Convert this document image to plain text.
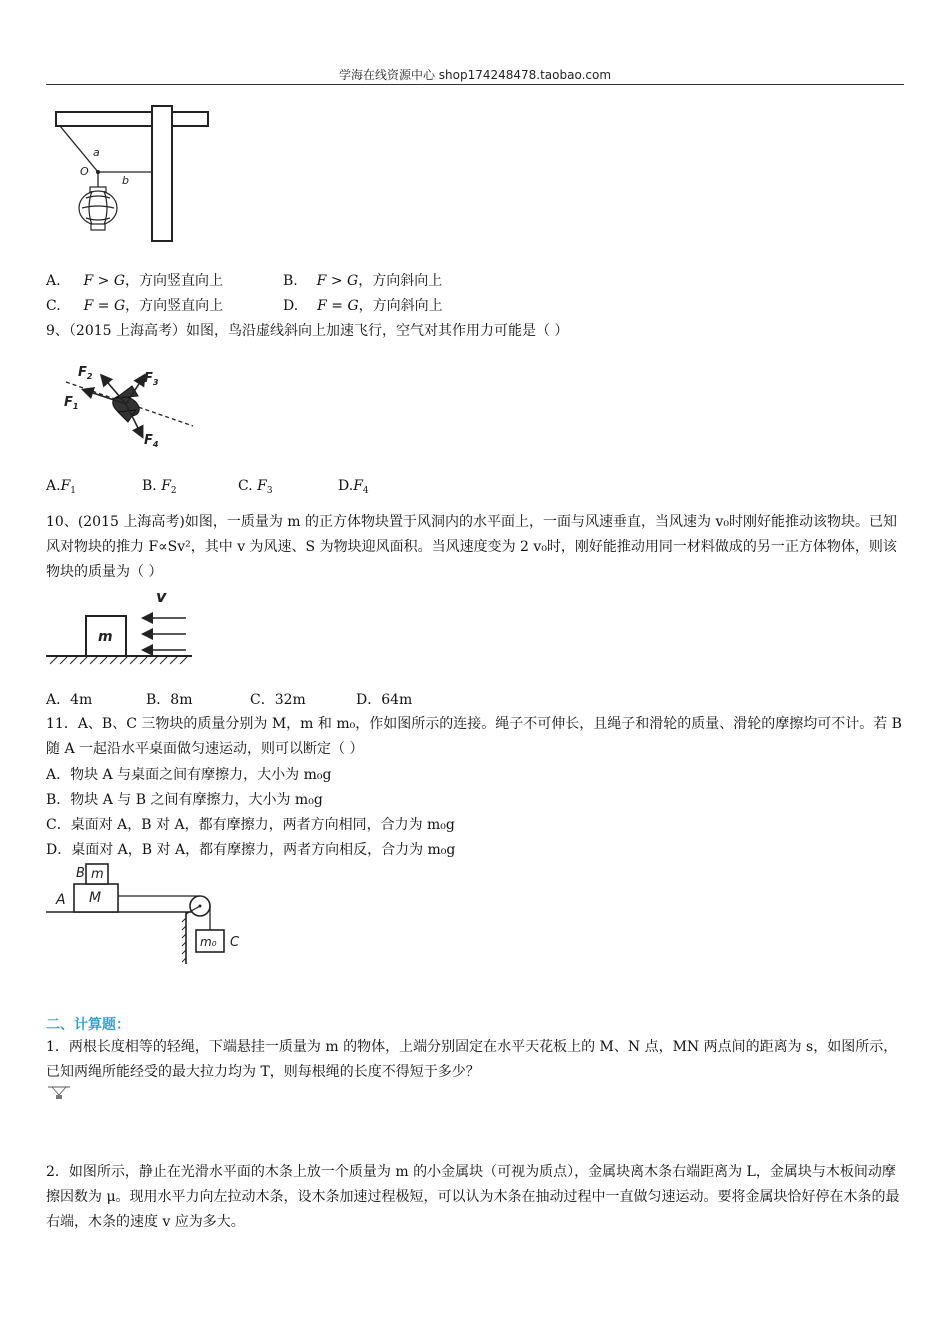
学海在线资源中心 shop174248478.taobao.com
a
O
b
A. F > G，方向竖直向上	B. F > G，方向斜向上
C. F = G，方向竖直向上	D. F = G，方向斜向上
9、（2015 上海高考）如图，鸟沿虚线斜向上加速飞行，空气对其作用力可能是（ ）
$F_1$
$F_2$	$F_3$
$F_4$
$A.F_1$	B. $F_2$	C. $F_3$	$D.F_4$
10、(2015 上海高考)如图，一质量为 m 的正方体物块置于风洞内的水平面上，一面与风速垂直，当风速为 v₀时刚好能推动该物块。已知风对物块的推力 F∝Sv²，其中 v 为风速、S 为物块迎风面积。当风速度变为 2 v₀时，刚好能推动用同一材料做成的另一正方体物体，则该物块的质量为（ ）
m
v
A．4m	B．8m	C．32m	D．64m
11．A、B、C 三物块的质量分别为 M，m 和 m₀，作如图所示的连接。绳子不可伸长，且绳子和滑轮的质量、滑轮的摩擦均可不计。若 B 随 A 一起沿水平桌面做匀速运动，则可以断定（ ）
A．物块 A 与桌面之间有摩擦力，大小为 m₀g
B．物块 A 与 B 之间有摩擦力，大小为 m₀g
C．桌面对 A，B 对 A，都有摩擦力，两者方向相同，合力为 m₀g
D．桌面对 A，B 对 A，都有摩擦力，两者方向相反，合力为 m₀g
B m
A M
m₀ C
二、计算题：
1．两根长度相等的轻绳，下端悬挂一质量为 m 的物体，上端分别固定在水平天花板上的 M、N 点，MN 两点间的距离为 s，如图所示，已知两绳所能经受的最大拉力均为 T，则每根绳的长度不得短于多少？
2．如图所示，静止在光滑水平面的木条上放一个质量为 m 的小金属块（可视为质点），金属块离木条右端距离为 L，金属块与木板间动摩擦因数为 μ。现用水平力向左拉动木条，设木条加速过程极短，可以认为木条在抽动过程中一直做匀速运动。要将金属块恰好停在木条的最右端，木条的速度 v 应为多大。
